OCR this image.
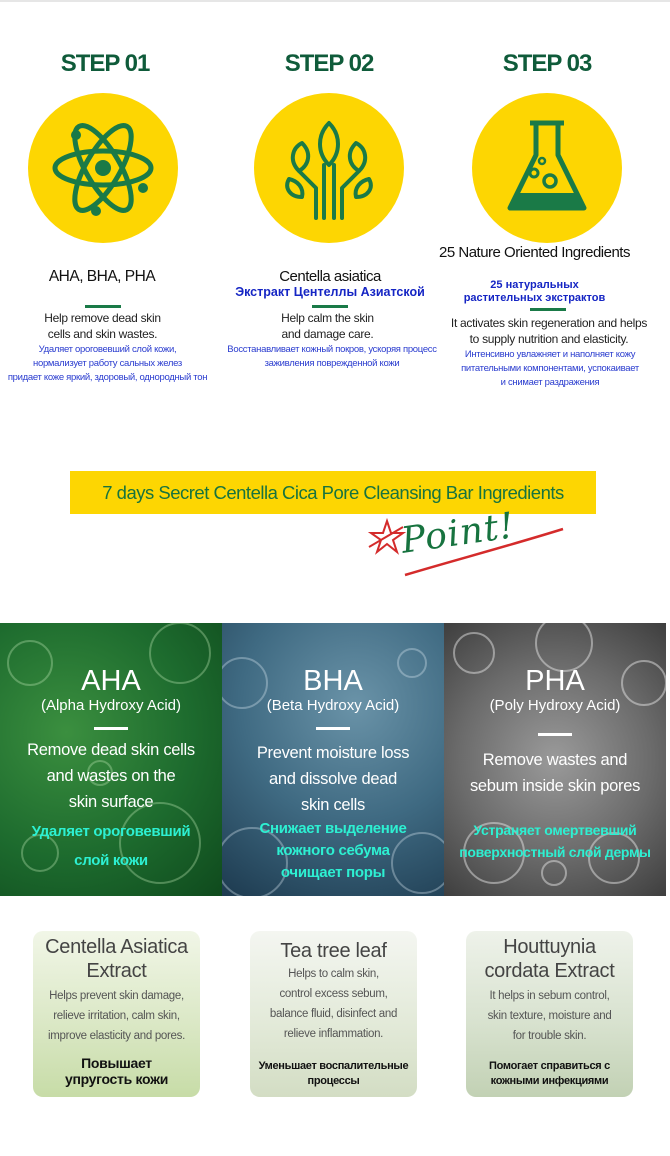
STEP 01
AHA, BHA, PHA
Help remove dead skin
cells and skin wastes.
Удаляет ороговевший слой кожи,
нормализует работу сальных желез
придает коже яркий, здоровый, однородный тон
STEP 02
Centella asiatica
Экстракт Центеллы Азиатской
Help calm the skin
and damage care.
Восстанавливает кожный покров, ускоряя процесс
заживления поврежденной кожи
STEP 03
25 Nature Oriented Ingredients
25 натуральных растительных экстрактов
It activates skin regeneration and helps
to supply nutrition and elasticity.
Интенсивно увлажняет и наполняет кожу
питательными компонентами, успокаивает
и снимает раздражения
7 days Secret Centella Cica Pore Cleansing Bar Ingredients
Point!
AHA
(Alpha Hydroxy Acid)
Remove dead skin cells
and wastes on the
skin surface
Удаляет ороговевший
слой кожи
BHA
(Beta Hydroxy Acid)
Prevent moisture loss
and dissolve dead
skin cells
Снижает выделение
кожного себума
очищает поры
PHA
(Poly Hydroxy Acid)
Remove wastes and
sebum inside skin pores
Устраняет омертвевший
поверхностный слой дермы
Centella Asiatica
Extract
Helps prevent skin damage,
relieve irritation, calm skin,
improve elasticity and pores.
Повышает
упругость кожи
Tea tree leaf
Helps to calm skin,
control excess sebum,
balance fluid, disinfect and
relieve inflammation.
Уменьшает воспалительные
процессы
Houttuynia
cordata Extract
It helps in sebum control,
skin texture, moisture and
for trouble skin.
Помогает справиться с
кожными инфекциями
